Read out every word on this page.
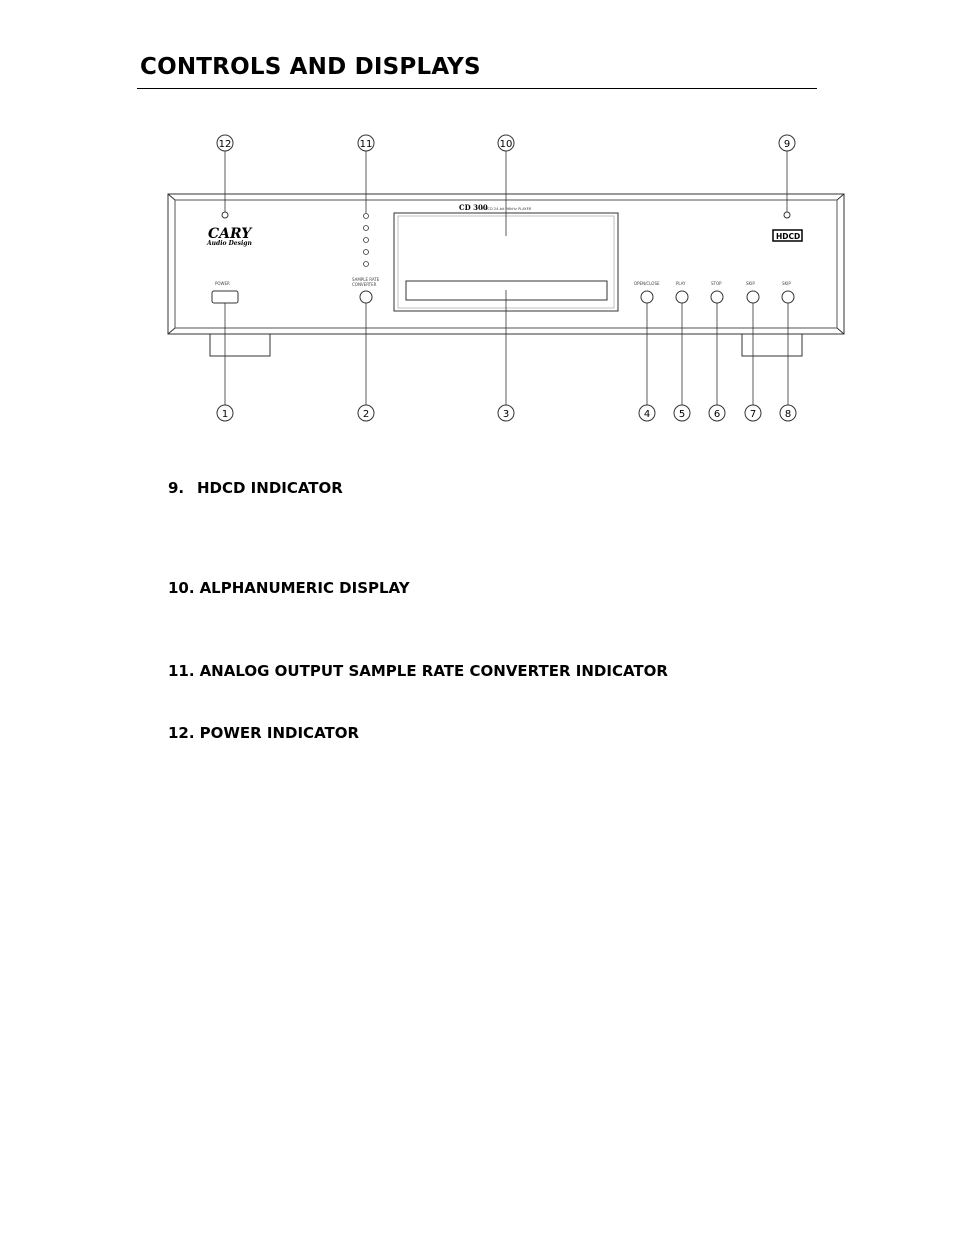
CONTROLS AND DISPLAYS
CARY
Audio Design
POWER
SAMPLE RATE
CONVERTER
CD 300
HDCD 24-bit 96kHz PLAYER
HDCD
OPEN/CLOSE	PLAY	STOP	SKIP	SKIP
12	11	10	9
1	2	3	4	5	6	7	8
9. HDCD INDICATOR
10. ALPHANUMERIC DISPLAY
11. ANALOG OUTPUT SAMPLE RATE CONVERTER INDICATOR
12. POWER INDICATOR
